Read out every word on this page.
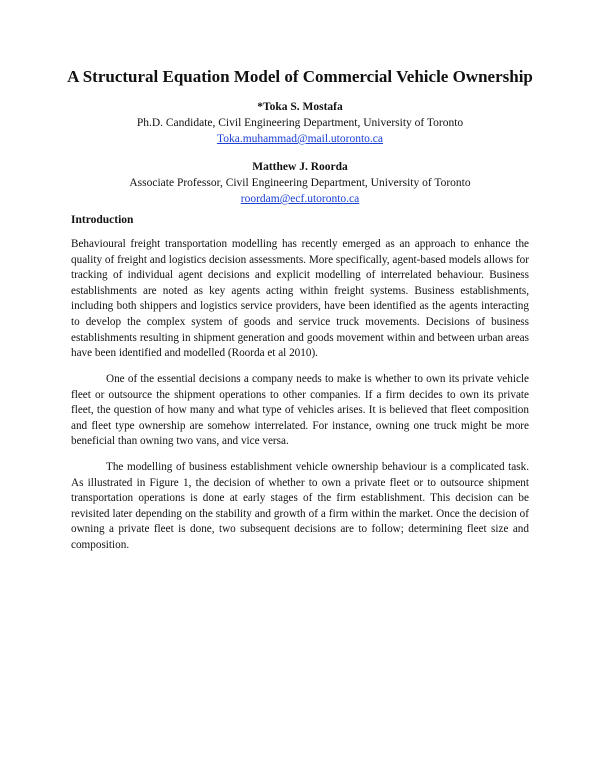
A Structural Equation Model of Commercial Vehicle Ownership
*Toka S. Mostafa
Ph.D. Candidate, Civil Engineering Department, University of Toronto
Toka.muhammad@mail.utoronto.ca
Matthew J. Roorda
Associate Professor, Civil Engineering Department, University of Toronto
roordam@ecf.utoronto.ca
Introduction

Behavioural freight transportation modelling has recently emerged as an approach to enhance the quality of freight and logistics decision assessments. More specifically, agent-based models allows for tracking of individual agent decisions and explicit modelling of interrelated behaviour. Business establishments are noted as key agents acting within freight systems. Business establishments, including both shippers and logistics service providers, have been identified as the agents interacting to develop the complex system of goods and service truck movements. Decisions of business establishments resulting in shipment generation and goods movement within and between urban areas have been identified and modelled (Roorda et al 2010).

One of the essential decisions a company needs to make is whether to own its private vehicle fleet or outsource the shipment operations to other companies. If a firm decides to own its private fleet, the question of how many and what type of vehicles arises. It is believed that fleet composition and fleet type ownership are somehow interrelated. For instance, owning one truck might be more beneficial than owning two vans, and vice versa.

The modelling of business establishment vehicle ownership behaviour is a complicated task. As illustrated in Figure 1, the decision of whether to own a private fleet or to outsource shipment transportation operations is done at early stages of the firm establishment. This decision can be revisited later depending on the stability and growth of a firm within the market. Once the decision of owning a private fleet is done, two subsequent decisions are to follow; determining fleet size and composition.
